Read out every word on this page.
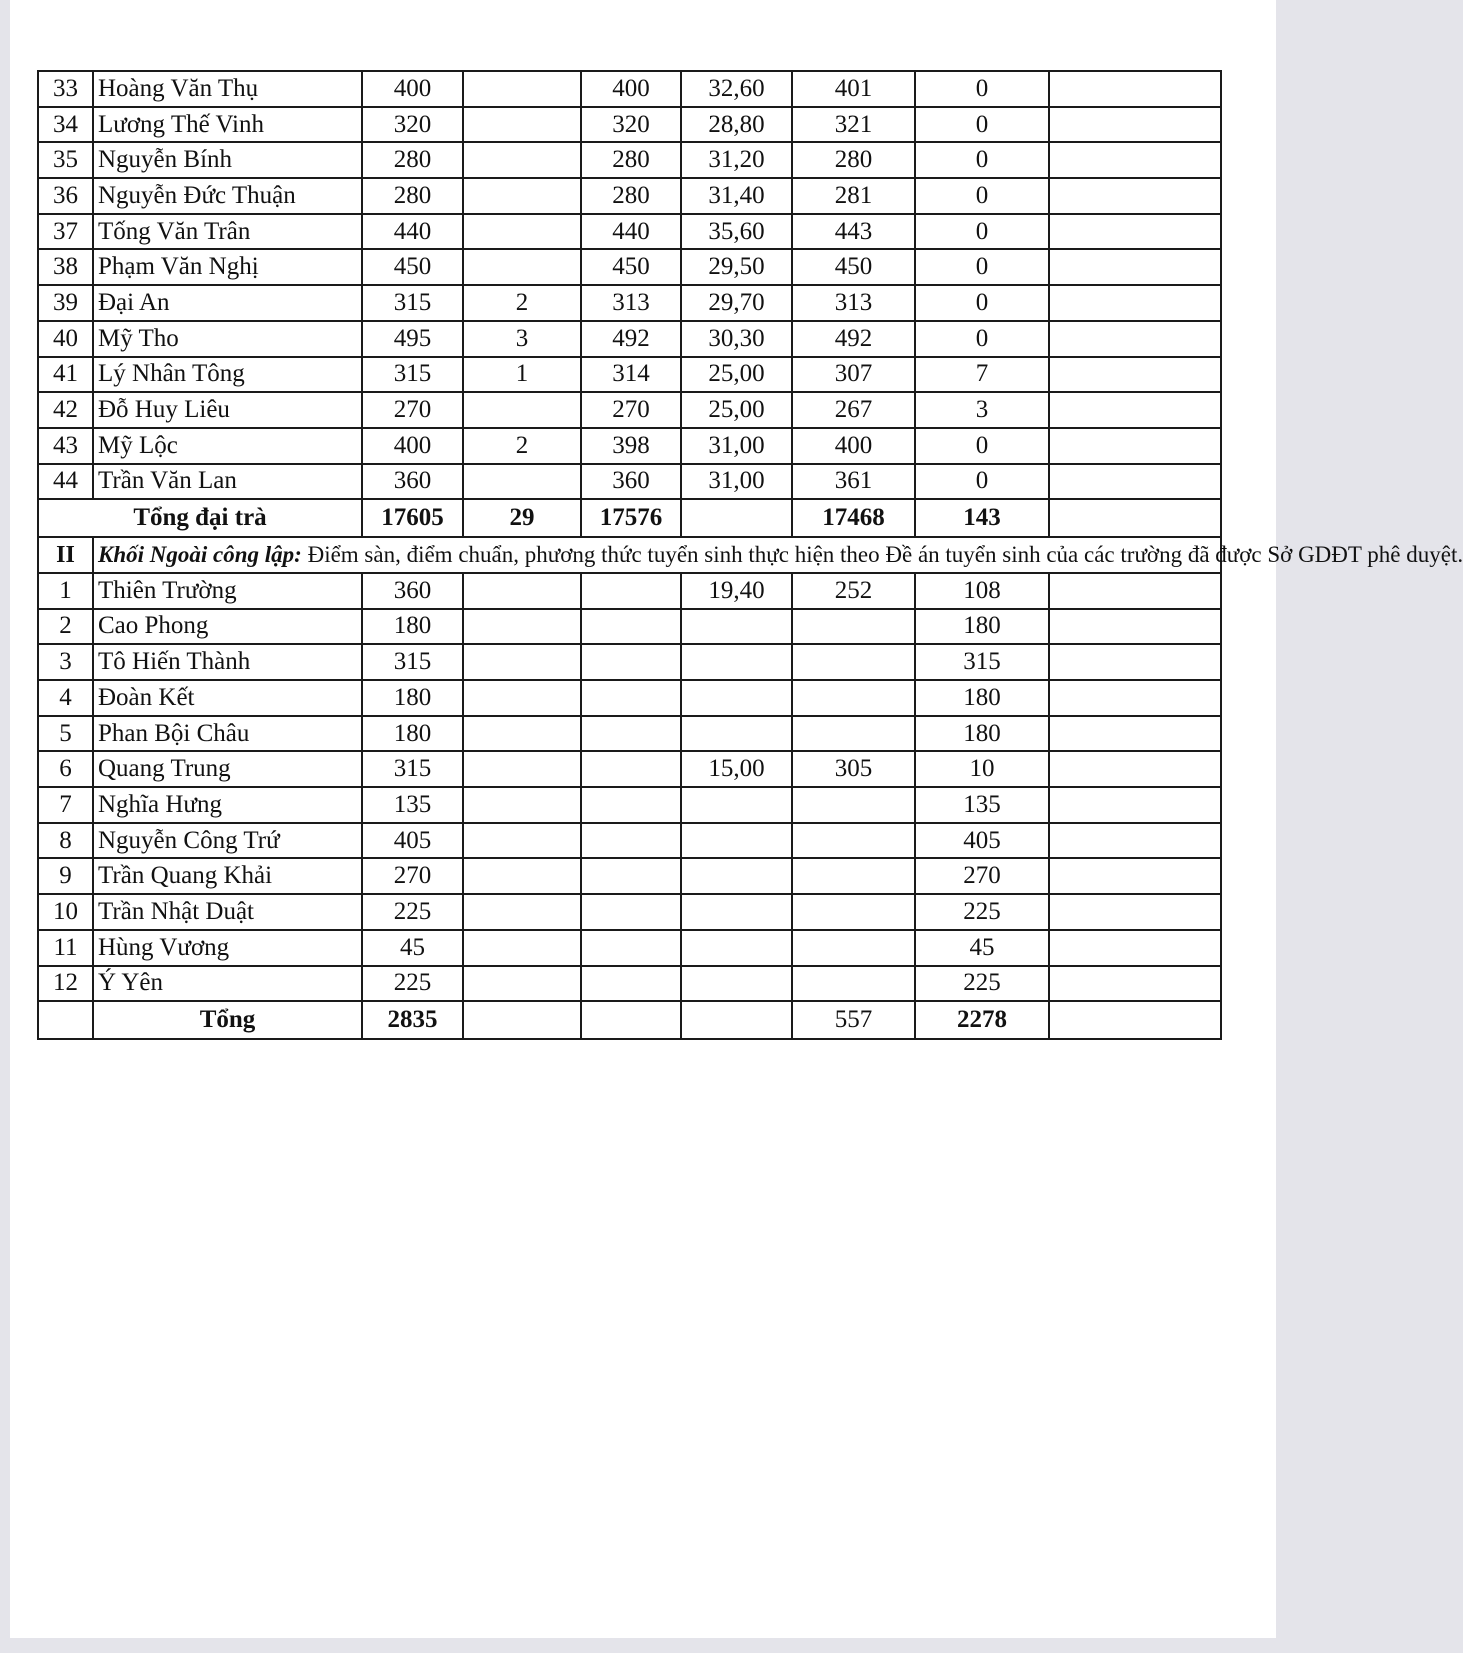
33	Hoàng Văn Thụ	400		400	32,60	401	0	
34	Lương Thế Vinh	320		320	28,80	321	0	
35	Nguyễn Bính	280		280	31,20	280	0	
36	Nguyễn Đức Thuận	280		280	31,40	281	0	
37	Tống Văn Trân	440		440	35,60	443	0	
38	Phạm Văn Nghị	450		450	29,50	450	0	
39	Đại An	315	2	313	29,70	313	0	
40	Mỹ Tho	495	3	492	30,30	492	0	
41	Lý Nhân Tông	315	1	314	25,00	307	7	
42	Đỗ Huy Liêu	270		270	25,00	267	3	
43	Mỹ Lộc	400	2	398	31,00	400	0	
44	Trần Văn Lan	360		360	31,00	361	0	
Tổng đại trà		17605	29	17576		17468	143	
II	Khối Ngoài công lập: Điểm sàn, điểm chuẩn, phương thức tuyển sinh thực hiện theo Đề án tuyển sinh của các trường đã được Sở GDĐT phê duyệt.							
1	Thiên Trường	360			19,40	252	108	
2	Cao Phong	180					180	
3	Tô Hiến Thành	315					315	
4	Đoàn Kết	180					180	
5	Phan Bội Châu	180					180	
6	Quang Trung	315			15,00	305	10	
7	Nghĩa Hưng	135					135	
8	Nguyễn Công Trứ	405					405	
9	Trần Quang Khải	270					270	
10	Trần Nhật Duật	225					225	
11	Hùng Vương	45					45	
12	Ý Yên	225					225	
	Tổng	2835				557	2278	
